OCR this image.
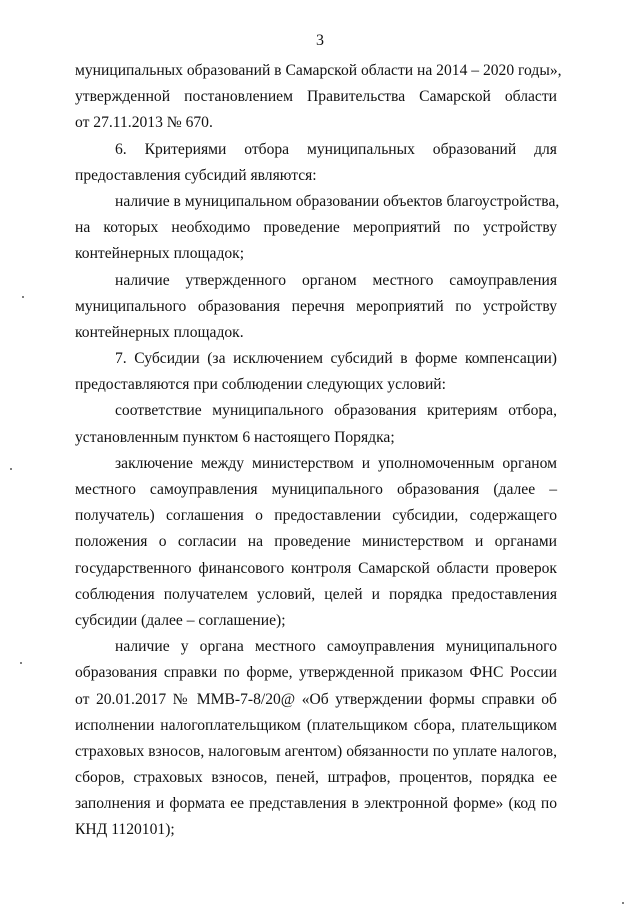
3
муниципальных образований в Самарской области на 2014 – 2020 годы»,
утвержденной постановлением Правительства Самарской области
от 27.11.2013 № 670.
6. Критериями отбора муниципальных образований для
предоставления субсидий являются:
наличие в муниципальном образовании объектов благоустройства,
на которых необходимо проведение мероприятий по устройству
контейнерных площадок;
наличие утвержденного органом местного самоуправления
муниципального образования перечня мероприятий по устройству
контейнерных площадок.
7. Субсидии (за исключением субсидий в форме компенсации)
предоставляются при соблюдении следующих условий:
соответствие муниципального образования критериям отбора,
установленным пунктом 6 настоящего Порядка;
заключение между министерством и уполномоченным органом
местного самоуправления муниципального образования (далее –
получатель) соглашения о предоставлении субсидии, содержащего
положения о согласии на проведение министерством и органами
государственного финансового контроля Самарской области проверок
соблюдения получателем условий, целей и порядка предоставления
субсидии (далее – соглашение);
наличие у органа местного самоуправления муниципального
образования справки по форме, утвержденной приказом ФНС России
от 20.01.2017 № ММВ-7-8/20@ «Об утверждении формы справки об
исполнении налогоплательщиком (плательщиком сбора, плательщиком
страховых взносов, налоговым агентом) обязанности по уплате налогов,
сборов, страховых взносов, пеней, штрафов, процентов, порядка ее
заполнения и формата ее представления в электронной форме» (код по
КНД 1120101);
